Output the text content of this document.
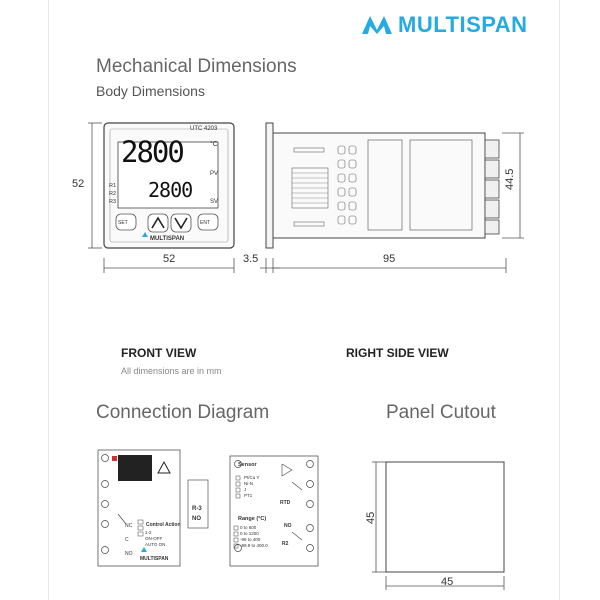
MULTISPAN
Mechanical Dimensions
Body Dimensions
52
52
UTC 4203
2800	°C
PV
2800	SV
R1
R2
R3
SET	ENT
MULTISPAN
3.5	95
44.5
FRONT VIEW
All dimensions are in mm
RIGHT SIDE VIEW
Connection Diagram	Panel Cutout
Control Action
1-2
ON-OFF
AUTO ON
NC
C
NO
MULTISPAN
R-3
NO
Sensor
Pt/Cu Y
Ni-N
J
PT1
RTD
Range (°C)
0 to 600
0 to 1200
-99 to 400
-99.9 to 400.0
NO
R2
45
45
